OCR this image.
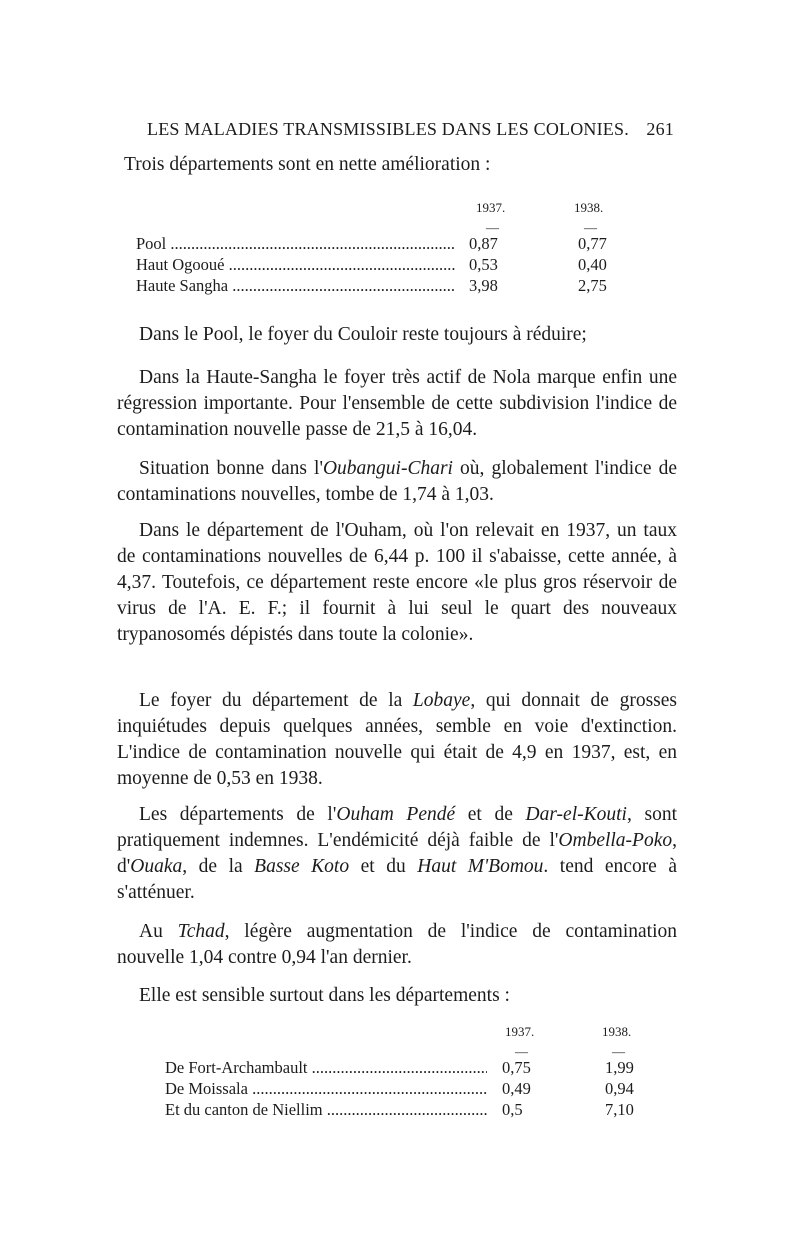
LES MALADIES TRANSMISSIBLES DANS LES COLONIES. 261
Trois départements sont en nette amélioration :
1937.	1938.
—	—
Pool .....	0,87	0,77
Haut Ogooué .....	0,53	0,40
Haute Sangha .....	3,98	2,75
Dans le Pool, le foyer du Couloir reste toujours à réduire;
Dans la Haute-Sangha le foyer très actif de Nola marque enfin une régression importante. Pour l'ensemble de cette subdivision l'indice de contamination nouvelle passe de 21,5 à 16,04.
Situation bonne dans l'Oubangui-Chari où, globalement l'indice de contaminations nouvelles, tombe de 1,74 à 1,03.
Dans le département de l'Ouham, où l'on relevait en 1937, un taux de contaminations nouvelles de 6,44 p. 100 il s'abaisse, cette année, à 4,37. Toutefois, ce département reste encore «le plus gros réservoir de virus de l'A. E. F.; il fournit à lui seul le quart des nouveaux trypanosomés dépistés dans toute la colonie».
Le foyer du département de la Lobaye, qui donnait de grosses inquiétudes depuis quelques années, semble en voie d'extinction. L'indice de contamination nouvelle qui était de 4,9 en 1937, est, en moyenne de 0,53 en 1938.
Les départements de l'Ouham Pendé et de Dar-el-Kouti, sont pratiquement indemnes. L'endémicité déjà faible de l'Ombella-Poko, d'Ouaka, de la Basse Koto et du Haut M'Bomou. tend encore à s'atténuer.
Au Tchad, légère augmentation de l'indice de contamination nouvelle 1,04 contre 0,94 l'an dernier.
Elle est sensible surtout dans les départements :
1937.	1938.
—	—
De Fort-Archambault .....	0,75	1,99
De Moissala .....	0,49	0,94
Et du canton de Niellim .....	0,5	7,10
